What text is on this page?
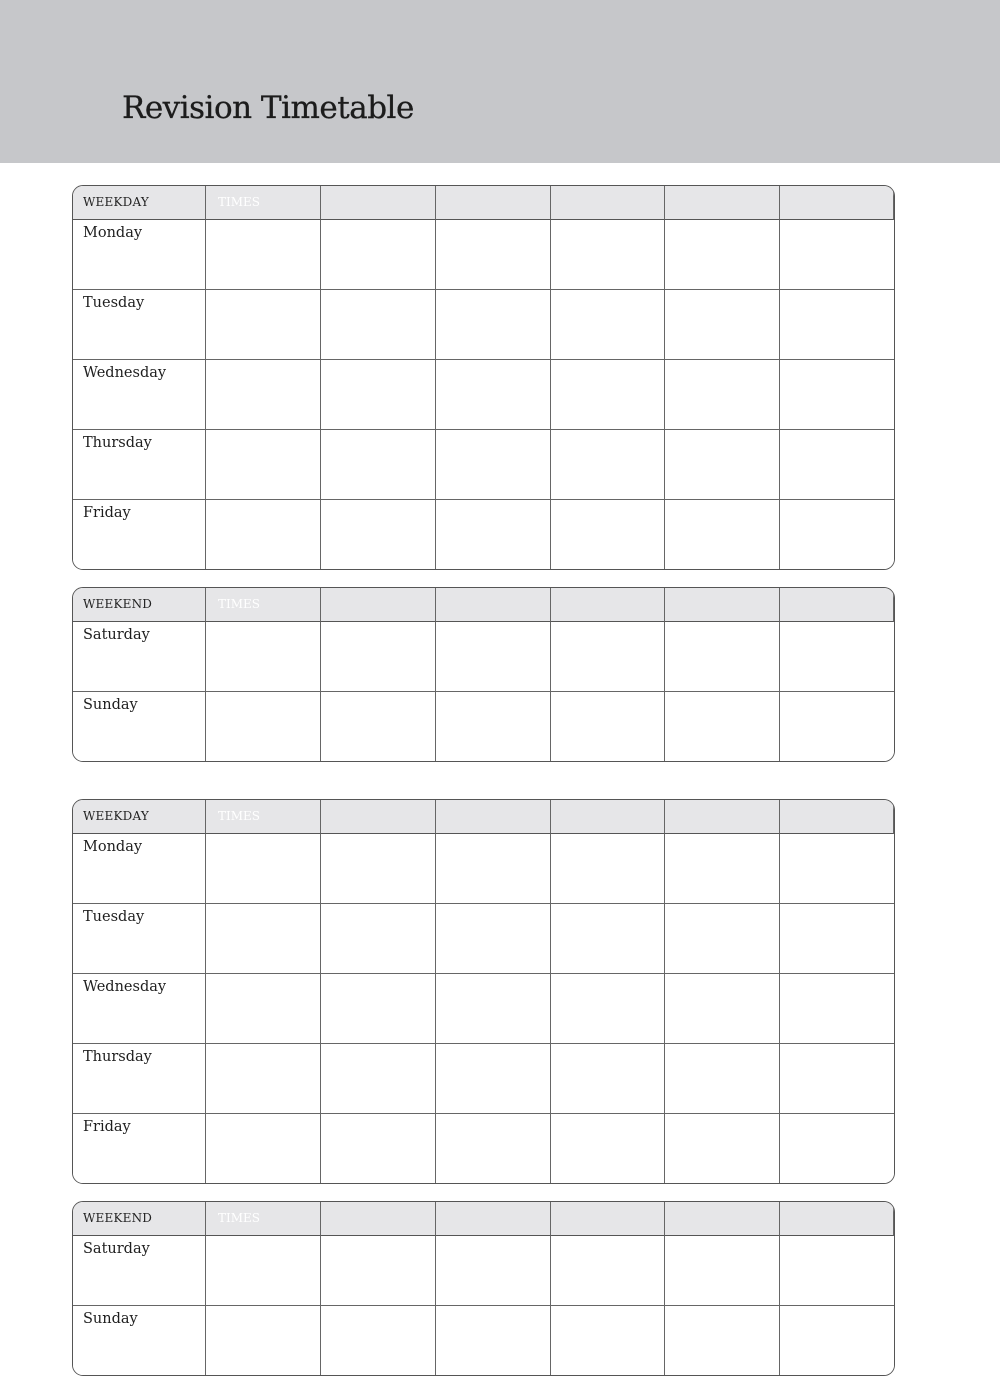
Revision Timetable
WEEKDAY	TIMES
Monday
Tuesday
Wednesday
Thursday
Friday
WEEKEND	TIMES
Saturday
Sunday
WEEKDAY	TIMES
Monday
Tuesday
Wednesday
Thursday
Friday
WEEKEND	TIMES
Saturday
Sunday
